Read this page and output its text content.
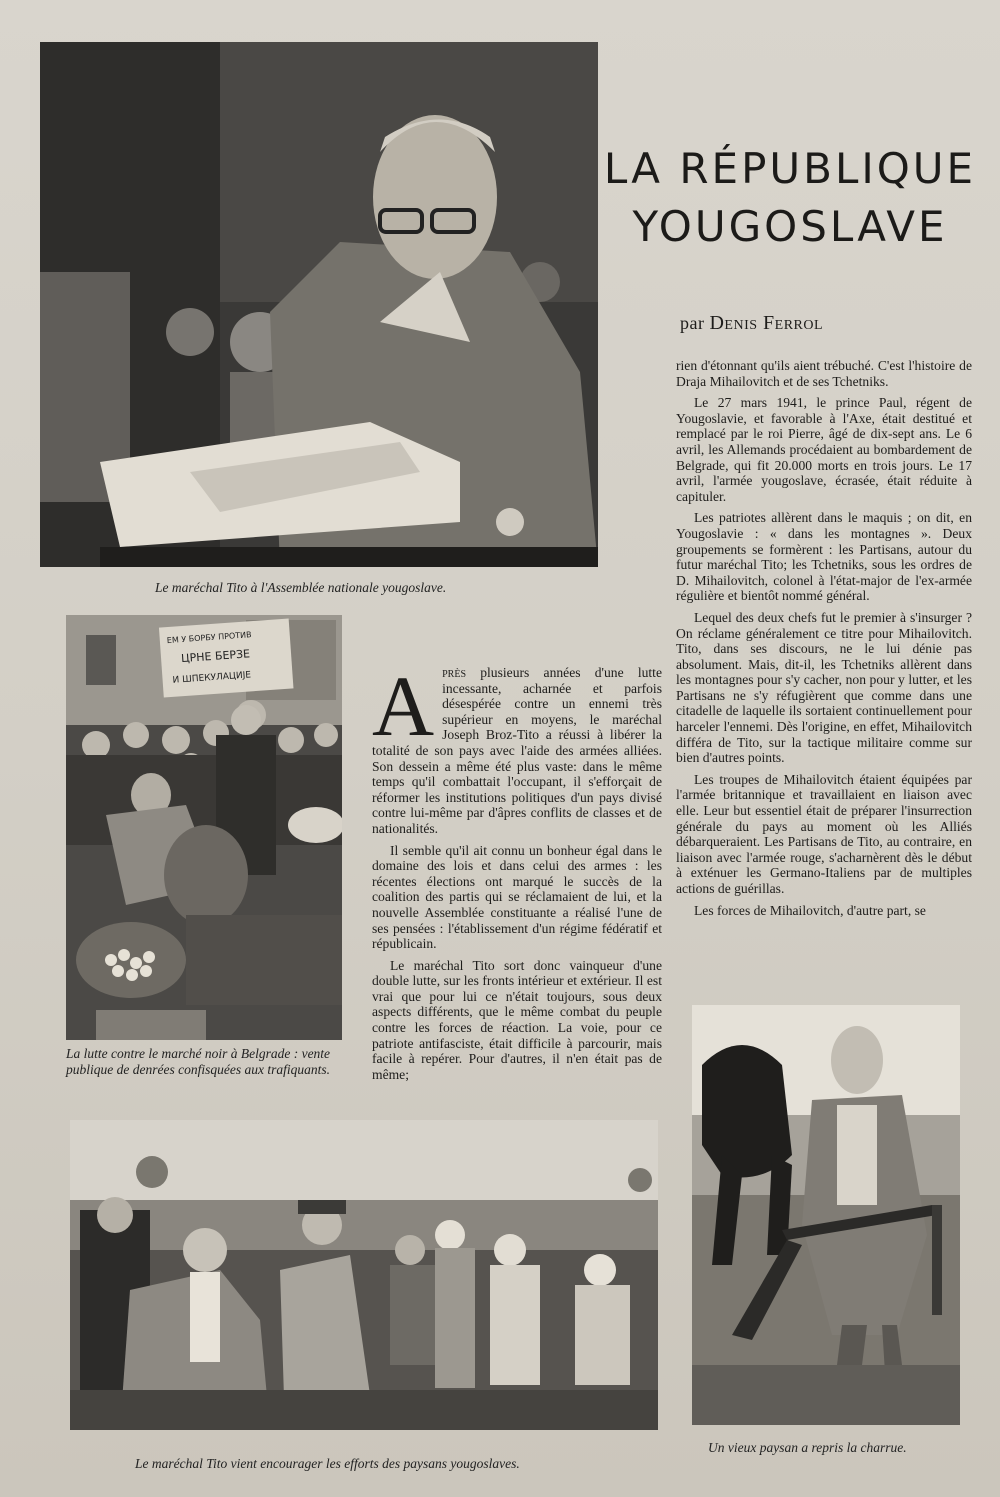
Le maréchal Tito à l'Assemblée nationale yougoslave.
LA RÉPUBLIQUE
YOUGOSLAVE
par Denis Ferrol
ЕМ У БОРБУ ПРОТИВ
ЦРНЕ БЕРЗЕ
И ШПЕКУЛАЦИЈЕ
La lutte contre le marché noir à Belgrade : vente publique de denrées confisquées aux trafiquants.

Après plusieurs années d'une lutte incessante, acharnée et parfois désespérée contre un ennemi très supérieur en moyens, le maréchal Joseph Broz-Tito a réussi à libérer la totalité de son pays avec l'aide des armées alliées. Son dessein a même été plus vaste: dans le même temps qu'il combattait l'occupant, il s'efforçait de réformer les institutions politiques d'un pays divisé contre lui-même par d'âpres conflits de classes et de nationalités.

Il semble qu'il ait connu un bonheur égal dans le domaine des lois et dans celui des armes : les récentes élections ont marqué le succès de la coalition des partis qui se réclamaient de lui, et la nouvelle Assemblée constituante a réalisé l'une de ses pensées : l'établissement d'un régime fédératif et républicain.

Le maréchal Tito sort donc vainqueur d'une double lutte, sur les fronts intérieur et extérieur. Il est vrai que pour lui ce n'était toujours, sous deux aspects différents, que le même combat du peuple contre les forces de réaction. La voie, pour ce patriote antifasciste, était difficile à parcourir, mais facile à repérer. Pour d'autres, il n'en était pas de même;

rien d'étonnant qu'ils aient trébuché. C'est l'histoire de Draja Mihailovitch et de ses Tchetniks.

Le 27 mars 1941, le prince Paul, régent de Yougoslavie, et favorable à l'Axe, était destitué et remplacé par le roi Pierre, âgé de dix-sept ans. Le 6 avril, les Allemands procédaient au bombardement de Belgrade, qui fit 20.000 morts en trois jours. Le 17 avril, l'armée yougoslave, écrasée, était réduite à capituler.

Les patriotes allèrent dans le maquis ; on dit, en Yougoslavie : « dans les montagnes ». Deux groupements se formèrent : les Partisans, autour du futur maréchal Tito; les Tchetniks, sous les ordres de D. Mihailovitch, colonel à l'état-major de l'ex-armée régulière et bientôt nommé général.

Lequel des deux chefs fut le premier à s'insurger ? On réclame généralement ce titre pour Mihailovitch. Tito, dans ses discours, ne le lui dénie pas absolument. Mais, dit-il, les Tchetniks allèrent dans les montagnes pour s'y cacher, non pour y lutter, et les Partisans ne s'y réfugièrent que comme dans une citadelle de laquelle ils sortaient continuellement pour harceler l'ennemi. Dès l'origine, en effet, Mihailovitch différa de Tito, sur la tactique militaire comme sur bien d'autres points.

Les troupes de Mihailovitch étaient équipées par l'armée britannique et travaillaient en liaison avec elle. Leur but essentiel était de préparer l'insurrection générale du pays au moment où les Alliés débarqueraient. Les Partisans de Tito, au contraire, en liaison avec l'armée rouge, s'acharnèrent dès le début à exténuer les Germano-Italiens par de multiples actions de guérillas.

Les forces de Mihailovitch, d'autre part, se

Le maréchal Tito vient encourager les efforts des paysans yougoslaves.
Un vieux paysan a repris la charrue.
